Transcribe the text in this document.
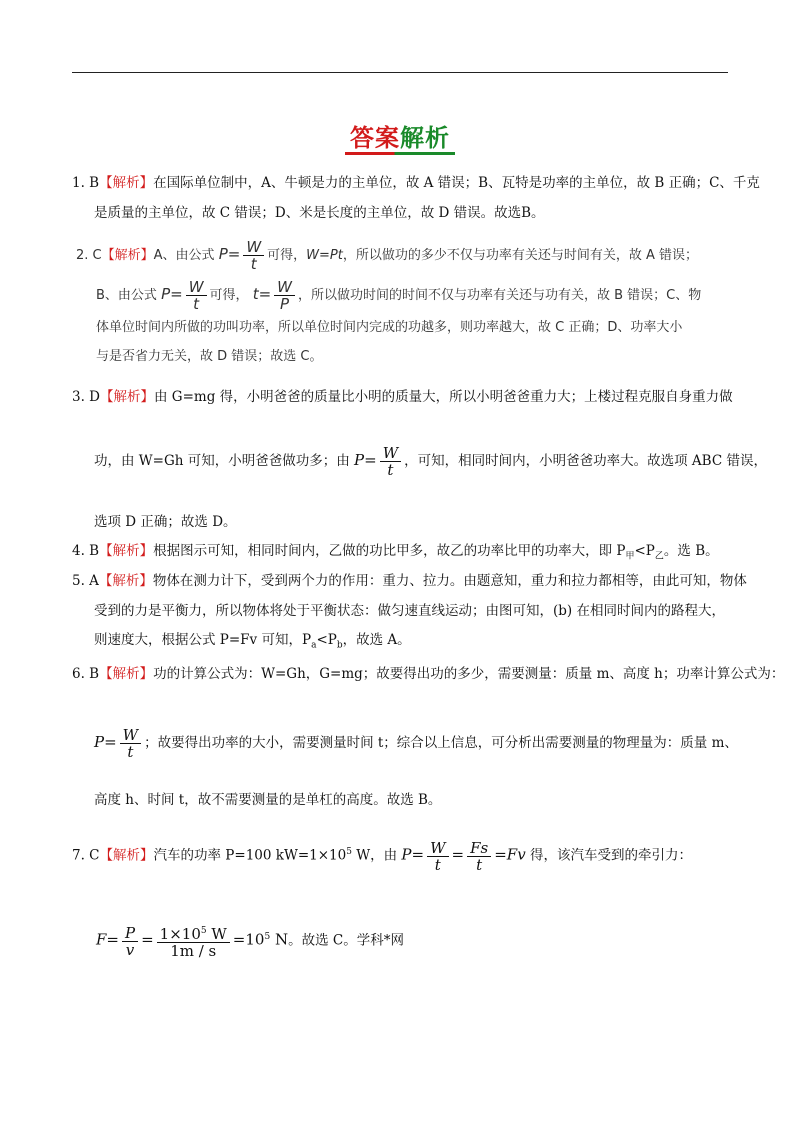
答案解析
1. B【解析】在国际单位制中，A、牛顿是力的主单位，故 A 错误；B、瓦特是功率的主单位，故 B 正确；C、千克
是质量的主单位，故 C 错误；D、米是长度的主单位，故 D 错误。故选B。
2. C【解析】A、由公式 $P= \frac{W}{t}$ 可得，W=Pt，所以做功的多少不仅与功率有关还与时间有关，故 A 错误；
B、由公式 $P= \frac{W}{t}$ 可得， $t= \frac{W}{P}$ ，所以做功时间的时间不仅与功率有关还与功有关，故 B 错误；C、物
体单位时间内所做的功叫功率，所以单位时间内完成的功越多，则功率越大，故 C 正确；D、功率大小
与是否省力无关，故 D 错误；故选 C。
3. D【解析】由 G=mg 得，小明爸爸的质量比小明的质量大，所以小明爸爸重力大；上楼过程克服自身重力做
功，由 W=Gh 可知，小明爸爸做功多；由 $P= \frac{W}{t}$ ，可知，相同时间内，小明爸爸功率大。故选项 ABC 错误，
选项 D 正确；故选 D。
4. B【解析】根据图示可知，相同时间内，乙做的功比甲多，故乙的功率比甲的功率大，即 $P_甲<P_乙$。选 B。
5. A【解析】物体在测力计下，受到两个力的作用：重力、拉力。由题意知，重力和拉力都相等，由此可知，物体
受到的力是平衡力，所以物体将处于平衡状态：做匀速直线运动；由图可知，(b) 在相同时间内的路程大，
则速度大，根据公式 P=Fv 可知，$P_a<P_b$，故选 A。
6. B【解析】功的计算公式为：W=Gh，G=mg；故要得出功的多少，需要测量：质量 m、高度 h；功率计算公式为：
$P= \frac{W}{t}$ ；故要得出功率的大小，需要测量时间 t；综合以上信息，可分析出需要测量的物理量为：质量 m、
高度 h、时间 t，故不需要测量的是单杠的高度。故选 B。
7. C【解析】汽车的功率 P=100 $kW=1\times 10^5$ W，由 $P= \frac{W}{t} = \frac{Fs}{t} =Fv$ 得，该汽车受到的牵引力：
$F= \frac{P}{v} = \frac{1\times 10^5 W}{1m / s} =10^5$ N。故选 C。学科*网
